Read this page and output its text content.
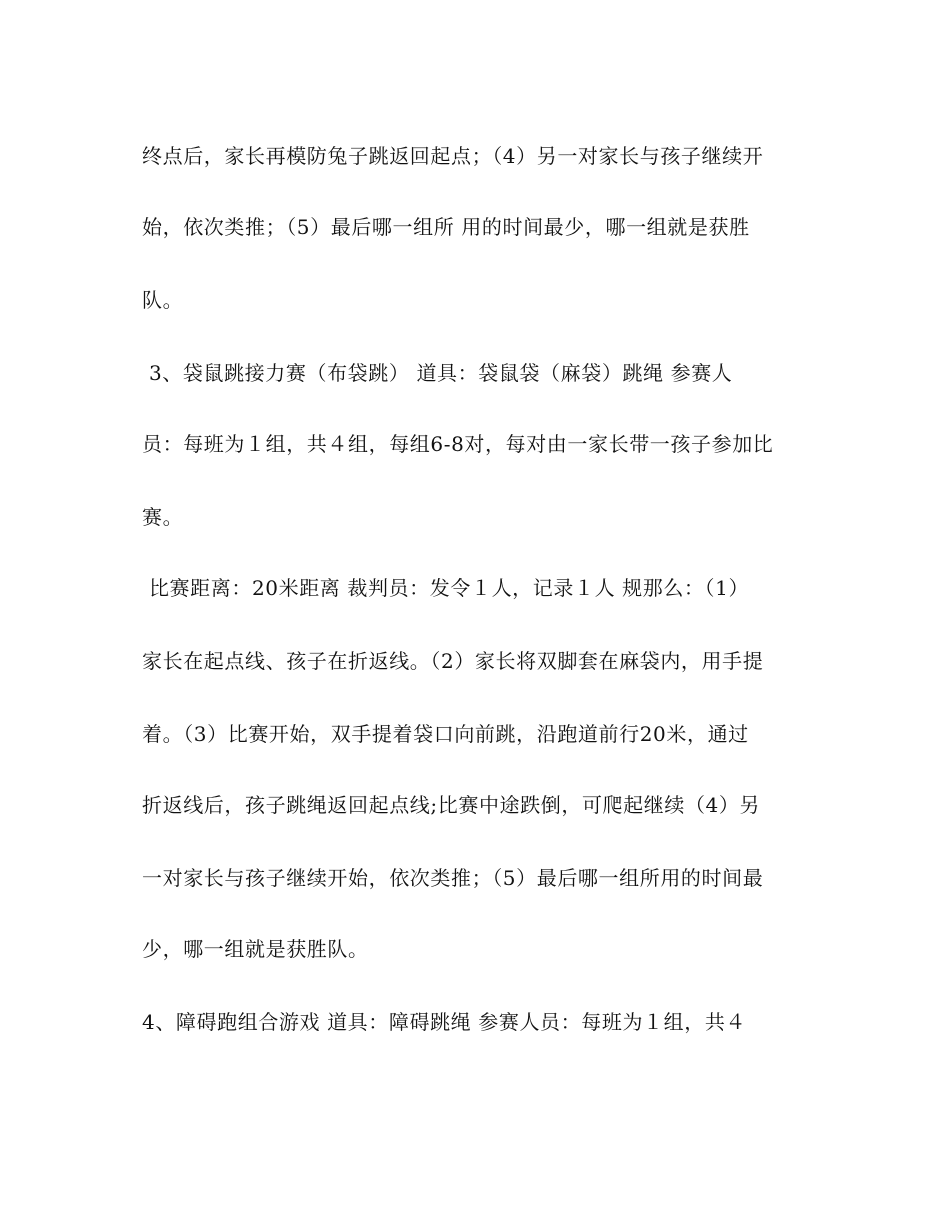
终点后，家长再模防兔子跳返回起点；（4）另一对家长与孩子继续开
始，依次类推；（5）最后哪一组所 用的时间最少，哪一组就是获胜
队。
3、袋鼠跳接力赛（布袋跳） 道具：袋鼠袋（麻袋）跳绳 参赛人
员：每班为１组，共４组，每组6-8对，每对由一家长带一孩子参加比
赛。
比赛距离：20米距离 裁判员：发令１人，记录１人 规那么：（1）
家长在起点线、孩子在折返线。（2）家长将双脚套在麻袋内，用手提
着。（3）比赛开始，双手提着袋口向前跳，沿跑道前行20米，通过
折返线后，孩子跳绳返回起点线;比赛中途跌倒，可爬起继续（4）另
一对家长与孩子继续开始，依次类推；（5）最后哪一组所用的时间最
少，哪一组就是获胜队。
4、障碍跑组合游戏 道具：障碍跳绳 参赛人员：每班为１组，共４
